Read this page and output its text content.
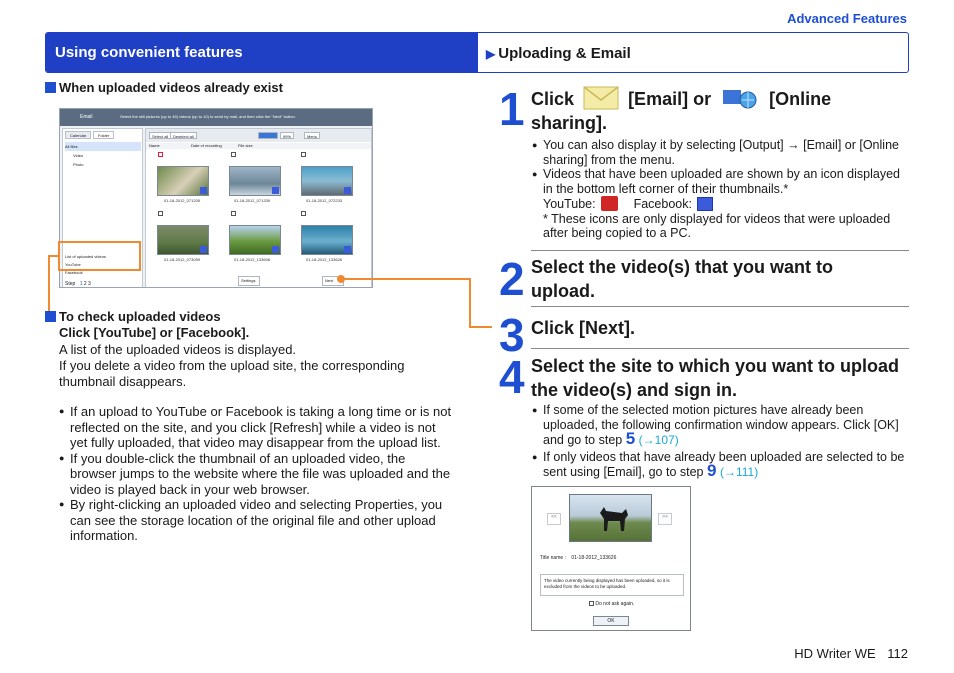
Advanced Features
Using convenient features	▶ Uploading & Email
When uploaded videos already exist
Email	Select the still pictures (up to 45) videos (up to 10) to send by mail, and then click the "Next" button.
Calendar	Folder
All files
Video
Photo
List of uploaded videos
YouTube
Facebook
Step 1 2 3
Select all	Deselect all	99%	Menu
Name	Date of recording	File size
01-18-2012_071205	01-18-2012_071339	01-18-2012_072233
01-18-2012_073059	01-18-2012_133606	01-18-2012_133626
Settings	Next
To check uploaded videos
Click [YouTube] or [Facebook].
A list of the uploaded videos is displayed.
If you delete a video from the upload site, the corresponding thumbnail disappears.
● If an upload to YouTube or Facebook is taking a long time or is not reflected on the site, and you click [Refresh] while a video is not yet fully uploaded, that video may disappear from the upload list.
● If you double-click the thumbnail of an uploaded video, the browser jumps to the website where the file was uploaded and the video is played back in your web browser.
● By right-clicking an uploaded video and selecting Properties, you can see the storage location of the original file and other upload information.
1 Click	[Email] or	[Online
sharing].
● You can also display it by selecting [Output] → [Email] or [Online sharing] from the menu.
● Videos that have been uploaded are shown by an icon displayed in the bottom left corner of their thumbnails.*
YouTube:	Facebook:
* These icons are only displayed for videos that were uploaded after being copied to a PC.
2 Select the video(s) that you want to upload.
3 Click [Next].
4 Select the site to which you want to upload the video(s) and sign in.
● If some of the selected motion pictures have already been uploaded, the following confirmation window appears. Click [OK] and go to step 5 (→107)
● If only videos that have already been uploaded are selected to be sent using [Email], go to step 9 (→111)
<<	>>
Title name : 01-18-2012_133626
The video currently being displayed has been uploaded, so it is excluded from the videos to be uploaded.
Do not ask again.
OK
HD Writer WE 112
